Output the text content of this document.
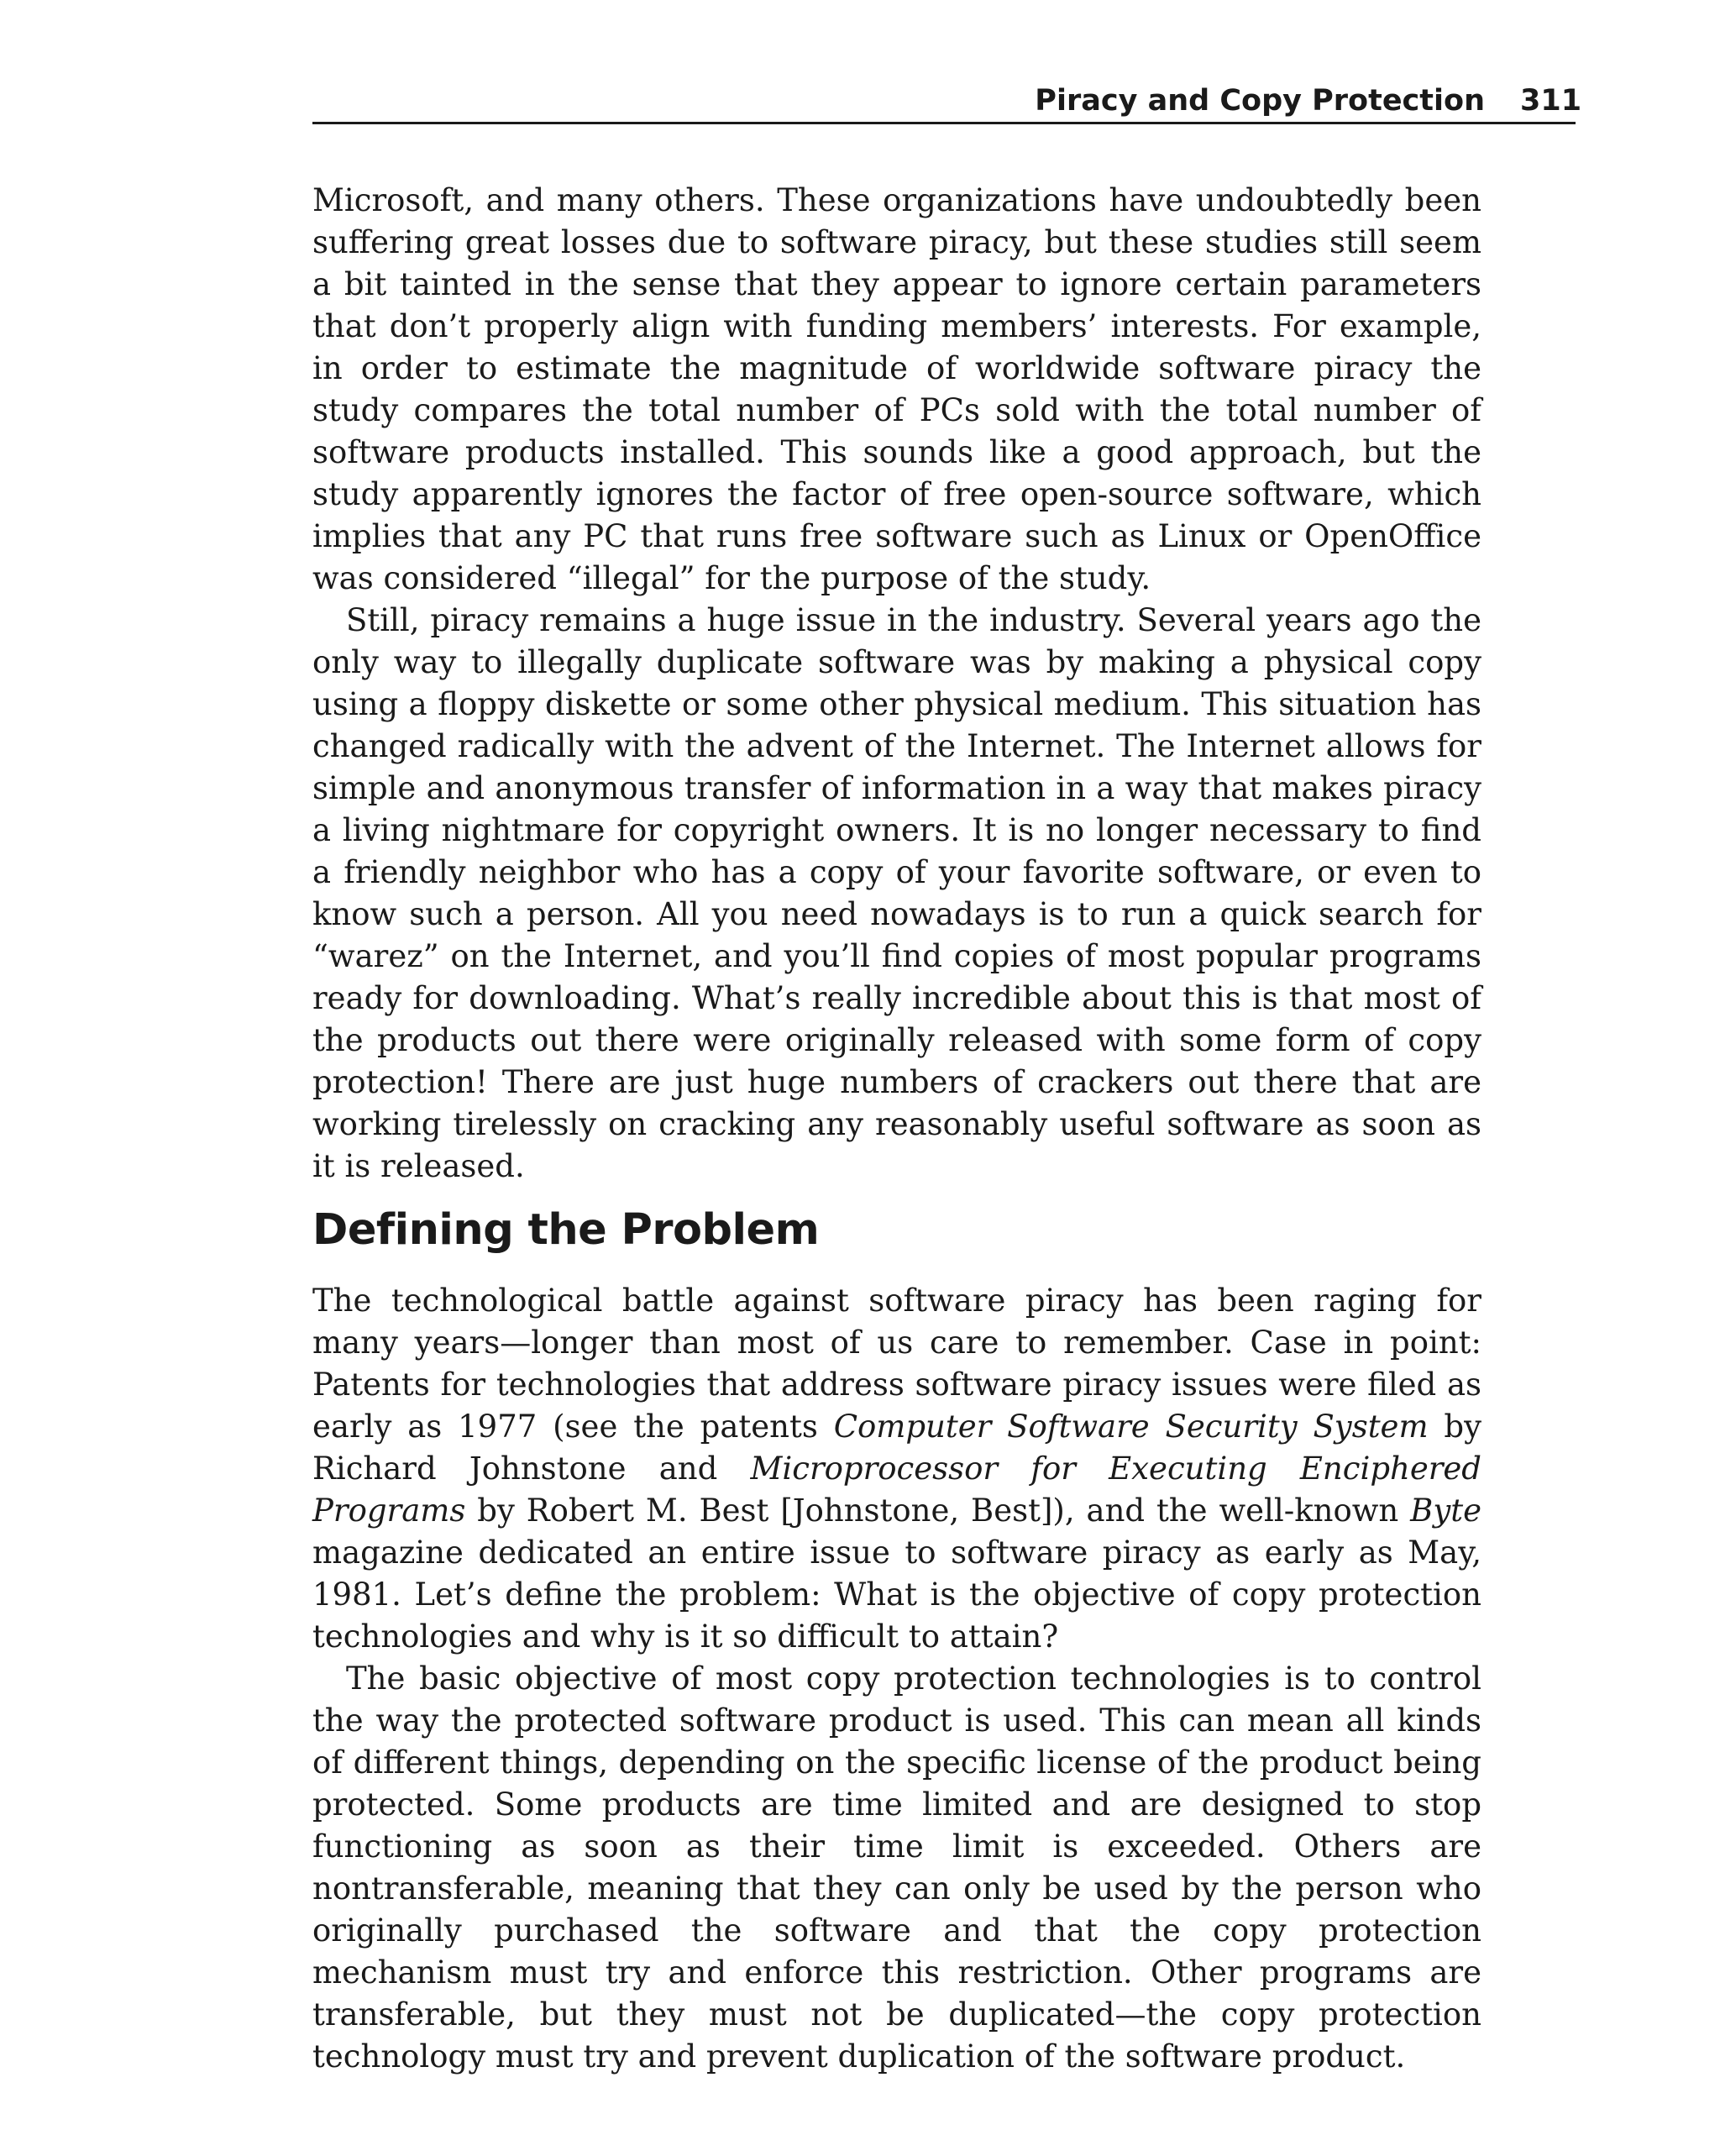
Piracy and Copy Protection 311

Microsoft, and many others. These organizations have undoubtedly been suffering great losses due to software piracy, but these studies still seem a bit tainted in the sense that they appear to ignore certain parameters that don’t properly align with funding members’ interests. For example, in order to estimate the magnitude of worldwide software piracy the study compares the total number of PCs sold with the total number of software products installed. This sounds like a good approach, but the study apparently ignores the factor of free open-source software, which implies that any PC that runs free software such as Linux or OpenOffice was considered “illegal” for the purpose of the study.

Still, piracy remains a huge issue in the industry. Several years ago the only way to illegally duplicate software was by making a physical copy using a floppy diskette or some other physical medium. This situation has changed radically with the advent of the Internet. The Internet allows for simple and anonymous transfer of information in a way that makes piracy a living nightmare for copyright owners. It is no longer necessary to find a friendly neighbor who has a copy of your favorite software, or even to know such a person. All you need nowadays is to run a quick search for “warez” on the Internet, and you’ll find copies of most popular programs ready for downloading. What’s really incredible about this is that most of the products out there were originally released with some form of copy protection! There are just huge numbers of crackers out there that are working tirelessly on cracking any reasonably useful software as soon as it is released.

Defining the Problem

The technological battle against software piracy has been raging for many years—longer than most of us care to remember. Case in point: Patents for technologies that address software piracy issues were filed as early as 1977 (see the patents Computer Software Security System by Richard Johnstone and Microprocessor for Executing Enciphered Programs by Robert M. Best [Johnstone, Best]), and the well-known Byte magazine dedicated an entire issue to software piracy as early as May, 1981. Let’s define the problem: What is the objective of copy protection technologies and why is it so difficult to attain?

The basic objective of most copy protection technologies is to control the way the protected software product is used. This can mean all kinds of different things, depending on the specific license of the product being protected. Some products are time limited and are designed to stop functioning as soon as their time limit is exceeded. Others are nontransferable, meaning that they can only be used by the person who originally purchased the software and that the copy protection mechanism must try and enforce this restriction. Other programs are transferable, but they must not be duplicated—the copy protection technology must try and prevent duplication of the software product.
